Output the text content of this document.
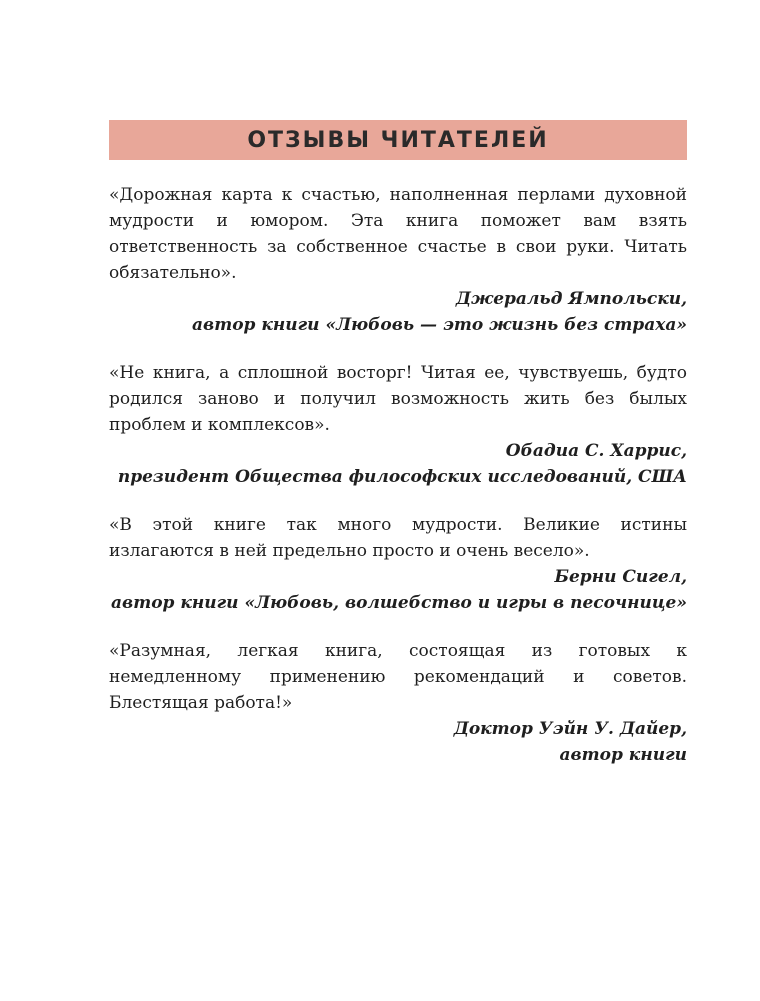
ОТЗЫВЫ ЧИТАТЕЛЕЙ

«Дорожная карта к счастью, наполненная перлами духовной мудрости и юмором. Эта книга поможет вам взять ответственность за собственное счастье в свои руки. Читать обязательно».

Джеральд Ямпольски,

автор книги «Любовь — это жизнь без страха»

«Не книга, а сплошной восторг! Читая ее, чувствуешь, будто родился заново и получил возможность жить без былых проблем и комплексов».

Обадиа С. Харрис,

президент Общества философских исследований, США

«В этой книге так много мудрости. Великие истины излагаются в ней предельно просто и очень весело».

Берни Сигел,

автор книги «Любовь, волшебство и игры в песочнице»

«Разумная, легкая книга, состоящая из готовых к немедленному применению рекомендаций и советов. Блестящая работа!»

Доктор Уэйн У. Дайер,

автор книги
